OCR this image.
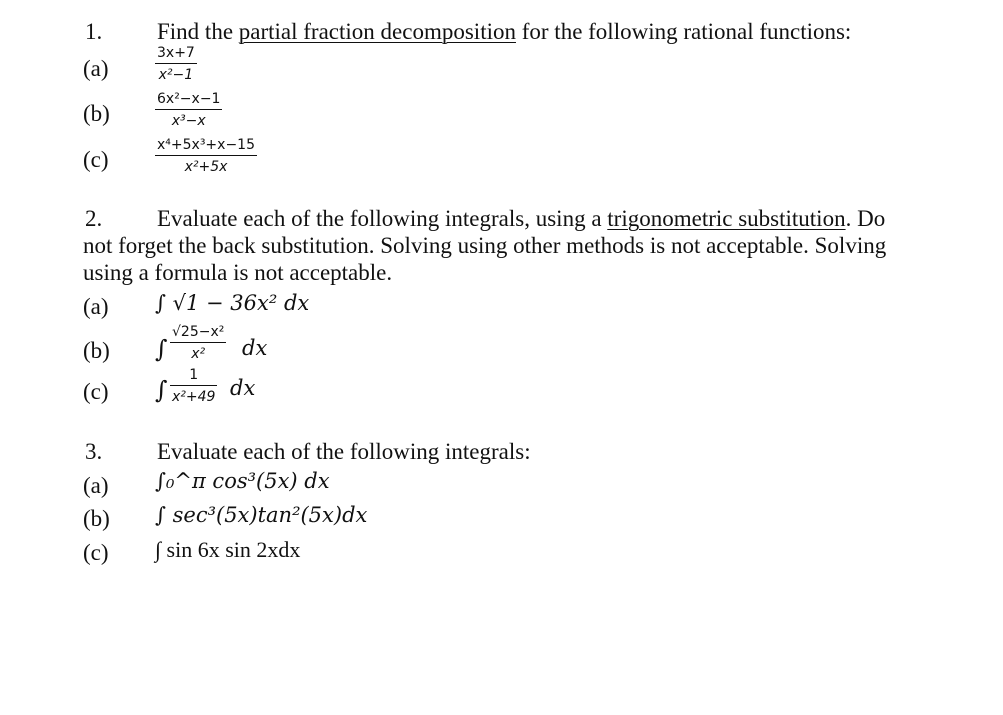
1. Find the partial fraction decomposition for the following rational functions:
(a)
3x+7
x²−1
(b)
6x²−x−1
x³−x
(c)
x⁴+5x³+x−15
x²+5x
2. Evaluate each of the following integrals, using a trigonometric substitution. Do
not forget the back substitution. Solving using other methods is not acceptable. Solving
using a formula is not acceptable.
(a) ∫ √1 − 36x² dx
(b) ∫
√25−x²
x² dx
(c) ∫
1
x²+49 dx
3. Evaluate each of the following integrals:
(a) ∫₀^π cos³(5x) dx
(b) ∫ sec³(5x)tan²(5x)dx
(c) ∫ sin 6x sin 2xdx
